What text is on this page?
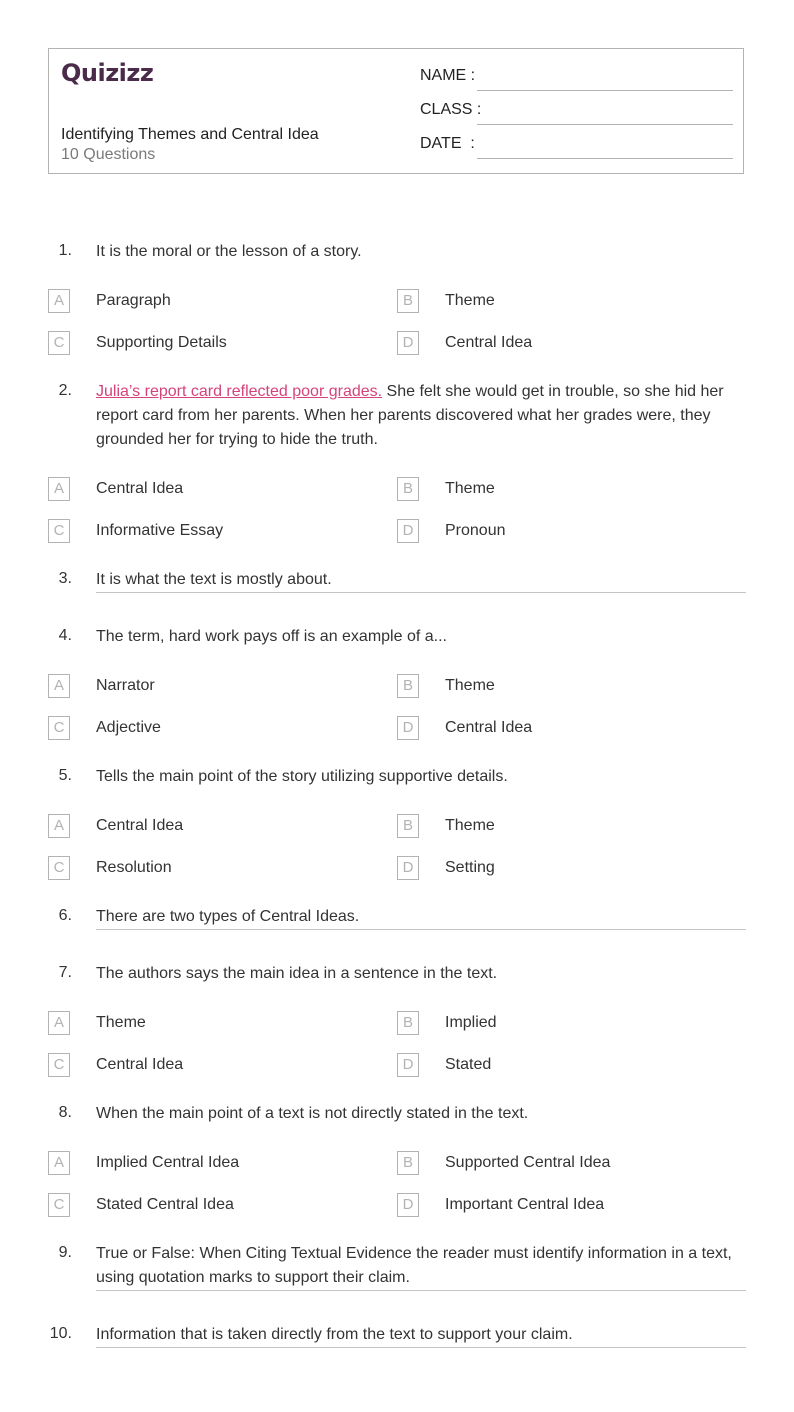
Quizizz
Identifying Themes and Central Idea
10 Questions
NAME :
CLASS :
DATE  :
1. It is the moral or the lesson of a story.
A	Paragraph	B	Theme
C	Supporting Details	D	Central Idea
2. Julia’s report card reflected poor grades. She felt she would get in trouble, so she hid her report card from her parents. When her parents discovered what her grades were, they grounded her for trying to hide the truth.
A	Central Idea	B	Theme
C	Informative Essay	D	Pronoun
3. It is what the text is mostly about.
4. The term, hard work pays off is an example of a...
A	Narrator	B	Theme
C	Adjective	D	Central Idea
5. Tells the main point of the story utilizing supportive details.
A	Central Idea	B	Theme
C	Resolution	D	Setting
6. There are two types of Central Ideas.
7. The authors says the main idea in a sentence in the text.
A	Theme	B	Implied
C	Central Idea	D	Stated
8. When the main point of a text is not directly stated in the text.
A	Implied Central Idea	B	Supported Central Idea
C	Stated Central Idea	D	Important Central Idea
9. True or False: When Citing Textual Evidence the reader must identify information in a text, using quotation marks to support their claim.
10. Information that is taken directly from the text to support your claim.
